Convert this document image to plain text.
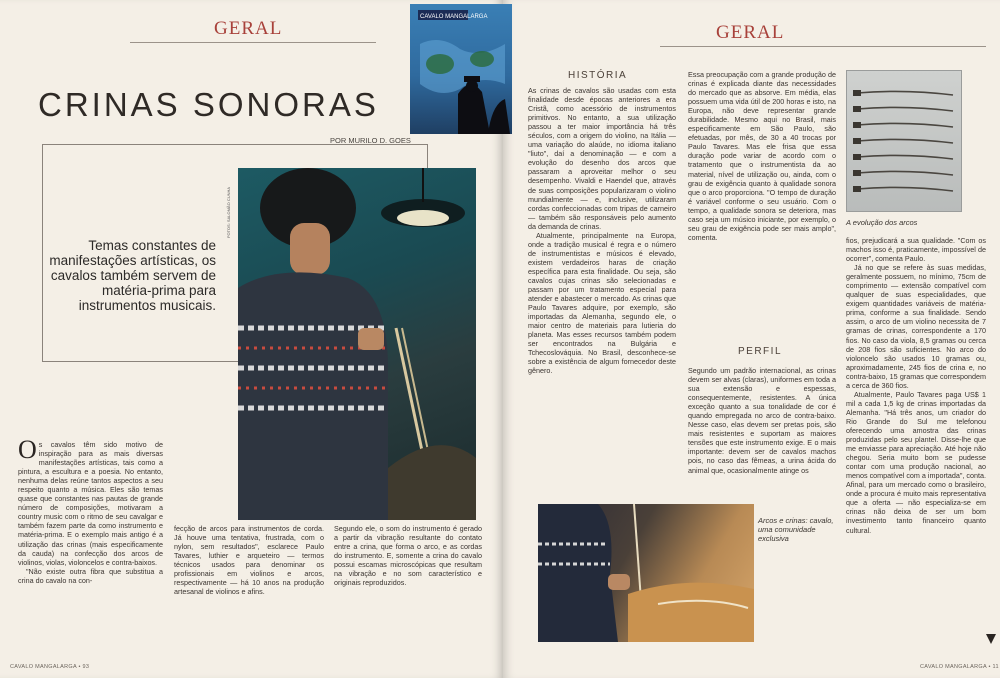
GERAL
CRINAS SONORAS
POR MURILO D. GOES
Temas constantes de manifestações artísticas, os cavalos também servem de matéria-prima para instrumentos musicais.
FOTOS: SALOMÃO CUNHA
CAVALO MANGALARGA

Os cavalos têm sido motivo de inspiração para as mais diversas manifestações artísticas, tais como a pintura, a escultura e a poesia. No entanto, nenhuma delas reúne tantos aspectos a seu respeito quanto a música. Eles são temas quase que constantes nas pautas de grande número de composições, motivaram a country music com o ritmo de seu cavalgar e também fazem parte da como instrumento e matéria-prima. E o exemplo mais antigo é a utilização das crinas (mais especificamente da cauda) na confecção dos arcos de violinos, violas, violoncelos e contra-baixos.

"Não existe outra fibra que substitua a crina do cavalo na con-

fecção de arcos para instrumentos de corda. Já houve uma tentativa, frustrada, com o nylon, sem resultados", esclarece Paulo Tavares, luthier e arqueteiro — termos técnicos usados para denominar os profissionais em violinos e arcos, respectivamente — há 10 anos na produção artesanal de violinos e afins.

Segundo ele, o som do instrumento é gerado a partir da vibração resultante do contato entre a crina, que forma o arco, e as cordas do instrumento. E, somente a crina do cavalo possui escamas microscópicas que resultam na vibração e no som característico e originais reproduzidos.

CAVALO MANGALARGA • 93
GERAL
HISTÓRIA

As crinas de cavalos são usadas com esta finalidade desde épocas anteriores a era Cristã, como acessório de instrumentos primitivos. No entanto, a sua utilização passou a ter maior importância há três séculos, com a origem do violino, na Itália — uma variação do alaúde, no idioma italiano "liuto", daí a denominação — e com a evolução do desenho dos arcos que passaram a aproveitar melhor o seu desempenho. Vivaldi e Haendel que, através de suas composições popularizaram o violino mundialmente — e, inclusive, utilizaram cordas confeccionadas com tripas de carneiro — também são responsáveis pelo aumento da demanda de crinas.

Atualmente, principalmente na Europa, onde a tradição musical é regra e o número de instrumentistas e músicos é elevado, existem verdadeiros haras de criação específica para esta finalidade. Ou seja, são cavalos cujas crinas são selecionadas e passam por um tratamento especial para atender e abastecer o mercado. As crinas que Paulo Tavares adquire, por exemplo, são importadas da Alemanha, segundo ele, o maior centro de materiais para lutieria do planeta. Mas esses recursos também podem ser encontrados na Bulgária e Tchecoslováquia. No Brasil, desconhece-se sobre a existência de algum fornecedor deste gênero.

Essa preocupação com a grande produção de crinas é explicada diante das necessidades do mercado que as absorve. Em média, elas possuem uma vida útil de 200 horas e isto, na Europa, não deve representar grande durabilidade. Mesmo aqui no Brasil, mais especificamente em São Paulo, são efetuadas, por mês, de 30 a 40 trocas por Paulo Tavares. Mas ele frisa que essa duração pode variar de acordo com o tratamento que o instrumentista da ao material, nível de utilização ou, ainda, com o grau de exigência quanto à qualidade sonora que o arco proporciona. "O tempo de duração é variável conforme o seu usuário. Com o tempo, a qualidade sonora se deteriora, mas caso seja um músico iniciante, por exemplo, o seu grau de exigência pode ser mais amplo", comenta.

PERFIL

Segundo um padrão internacional, as crinas devem ser alvas (claras), uniformes em toda a sua extensão e espessas, consequentemente, resistentes. A única exceção quanto a sua tonalidade de cor é quando empregada no arco de contra-baixo. Nesse caso, elas devem ser pretas pois, são mais resistentes e suportam as maiores tensões que este instrumento exige. E o mais importante: devem ser de cavalos machos pois, no caso das fêmeas, a urina ácida do animal que, ocasionalmente atinge os

A evolução dos arcos

fios, prejudicará a sua qualidade. "Com os machos isso é, praticamente, impossível de ocorrer", comenta Paulo.

Já no que se refere às suas medidas, geralmente possuem, no mínimo, 75cm de comprimento — extensão compatível com qualquer de suas especialidades, que exigem quantidades variáveis de matéria-prima, conforme a sua finalidade. Sendo assim, o arco de um violino necessita de 7 gramas de crinas, correspondente a 170 fios. No caso da viola, 8,5 gramas ou cerca de 208 fios são suficientes. No arco do violoncelo são usados 10 gramas ou, aproximadamente, 245 fios de crina e, no contra-baixo, 15 gramas que correspondem a cerca de 360 fios.

Atualmente, Paulo Tavares paga US$ 1 mil a cada 1,5 kg de crinas importadas da Alemanha. "Há três anos, um criador do Rio Grande do Sul me telefonou oferecendo uma amostra das crinas produzidas pelo seu plantel. Disse-lhe que me enviasse para apreciação. Até hoje não chegou. Seria muito bom se pudesse contar com uma produção nacional, ao menos compatível com a importada", conta. Afinal, para um mercado como o brasileiro, onde a procura é muito mais representativa que a oferta — não especializa-se em crinas não deixa de ser um bom investimento tanto financeiro quanto cultural.

Arcos e crinas: cavalo, uma comunidade exclusiva
CAVALO MANGALARGA • 11
